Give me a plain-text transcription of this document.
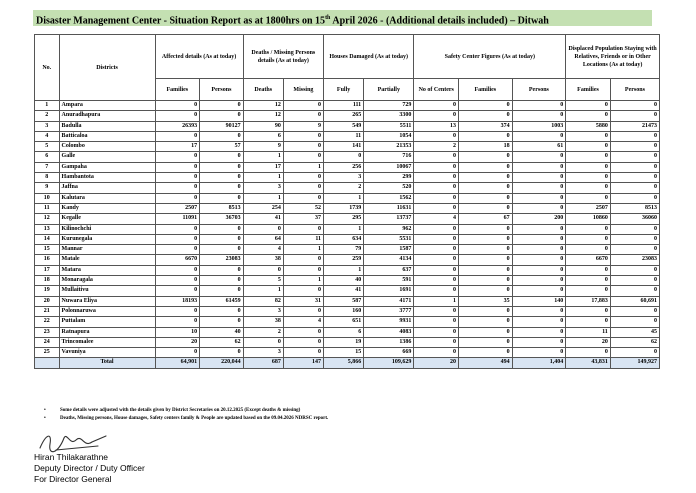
Disaster Management Center - Situation Report as at 1800hrs on 15th April 2026 - (Additional details included) – Ditwah
No.	Districts	Affected details (As at today)		Deaths / Missing Persons details (As at today)		Houses Damaged (As at today)		Safety Center Figures (As at today)			Displaced Population Staying with Relatives, Friends or in Other Locations (As at today)	
		Families	Persons	Deaths	Missing	Fully	Partially	No of Centers	Families	Persons	Families	Persons
1	Ampara	0	0	12	0	111	729	0	0	0	0	0
2	Anuradhapura	0	0	12	0	265	3300	0	0	0	0	0
3	Badulla	26393	90127	90	9	549	5511	13	374	1003	5880	21473
4	Batticaloa	0	0	6	0	11	1054	0	0	0	0	0
5	Colombo	17	57	9	0	141	21353	2	18	61	0	0
6	Galle	0	0	1	0	0	716	0	0	0	0	0
7	Gampaha	0	0	17	1	256	10067	0	0	0	0	0
8	Hambantota	0	0	1	0	3	299	0	0	0	0	0
9	Jaffna	0	0	3	0	2	520	0	0	0	0	0
10	Kalutara	0	0	1	0	1	1562	0	0	0	0	0
11	Kandy	2507	8513	254	52	1739	11631	0	0	0	2507	8513
12	Kegalle	11091	36703	41	37	295	13737	4	67	200	10860	36060
13	Kilinochchi	0	0	0	0	1	962	0	0	0	0	0
14	Kurunegala	0	0	64	11	634	5531	0	0	0	0	0
15	Mannar	0	0	4	1	79	1587	0	0	0	0	0
16	Matale	6670	23083	38	0	259	4134	0	0	0	6670	23083
17	Matara	0	0	0	0	1	637	0	0	0	0	0
18	Monaragala	0	0	5	1	40	591	0	0	0	0	0
19	Mullaitivu	0	0	1	0	41	1691	0	0	0	0	0
20	Nuwara Eliya	18193	61459	82	31	587	4171	1	35	140	17,883	60,691
21	Polonnaruwa	0	0	3	0	160	3777	0	0	0	0	0
22	Puttalam	0	0	38	4	651	9931	0	0	0	0	0
23	Ratnapura	10	40	2	0	6	4083	0	0	0	11	45
24	Trincomalee	20	62	0	0	19	1386	0	0	0	20	62
25	Vavuniya	0	0	3	0	15	669	0	0	0	0	0
	Total	64,901	220,044	687	147	5,866	109,629	20	494	1,404	43,831	149,927
•	Some details were adjusted with the details given by District Secretaries on 20.12.2025 (Except deaths & missing)
•	Deaths, Missing persons, House damages, Safety centers family & People are updated based on the 09.04.2026 NDRSC report.
Hiran Thilakarathne
Deputy Director / Duty Officer
For Director General
